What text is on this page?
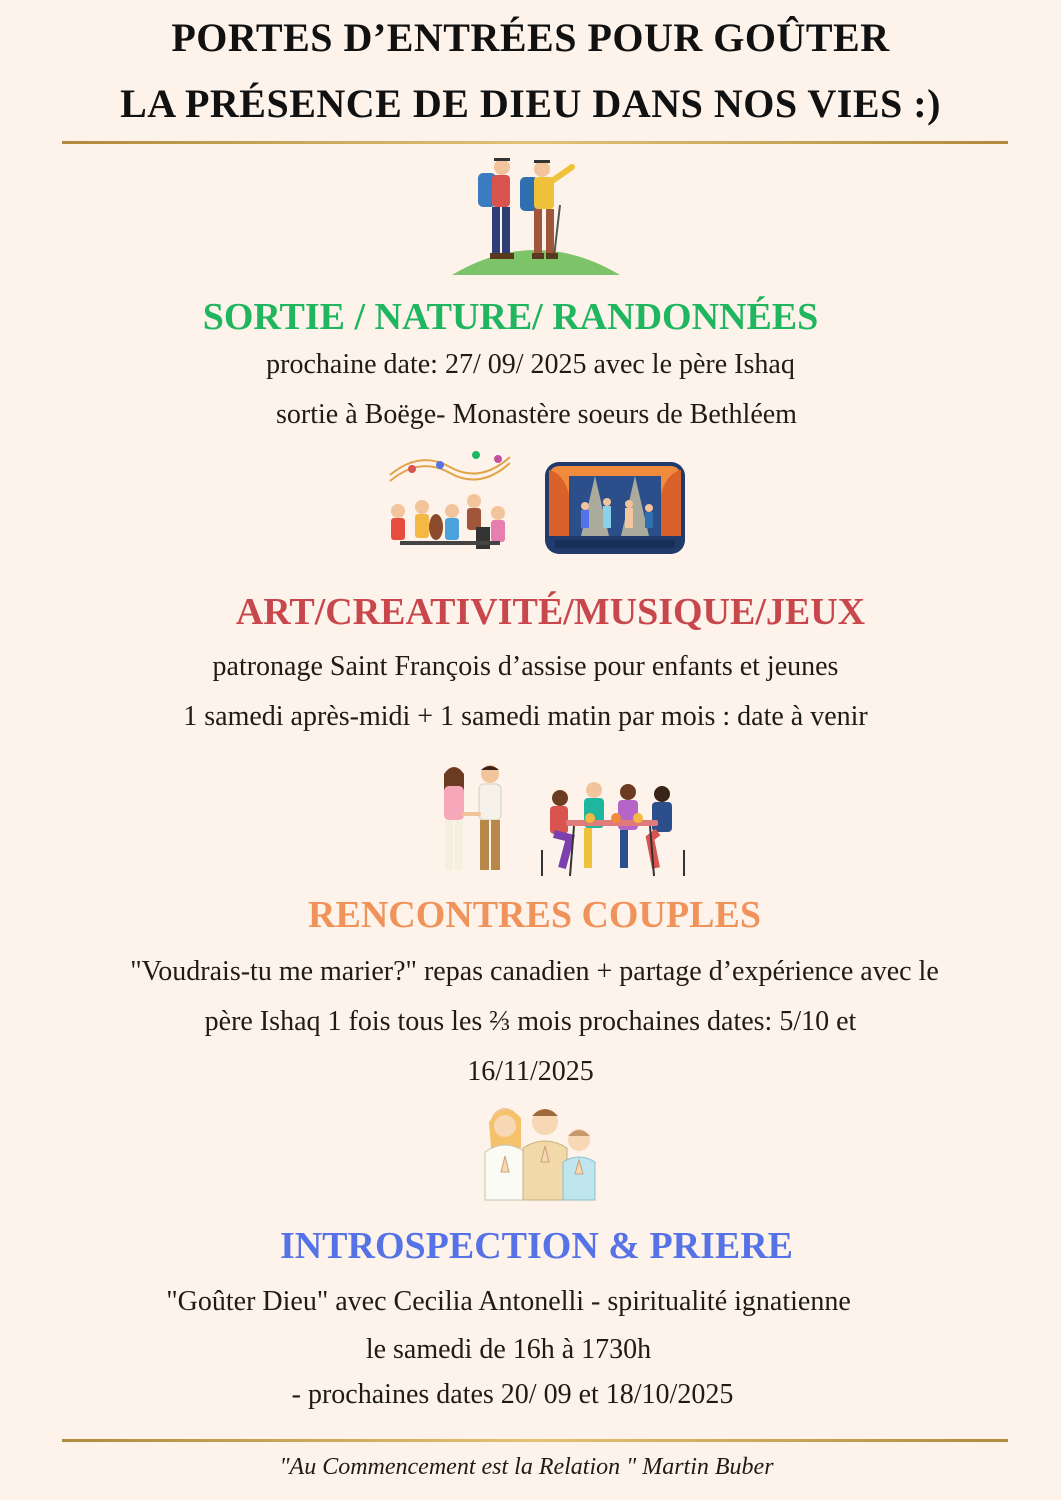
PORTES D’ENTRÉES POUR GOÛTER
LA PRÉSENCE DE DIEU DANS NOS VIES :)
SORTIE / NATURE/ RANDONNÉES
prochaine date: 27/ 09/ 2025 avec le père Ishaq
sortie à Boëge- Monastère soeurs de Bethléem
ART/CREATIVITÉ/MUSIQUE/JEUX
patronage Saint François d’assise pour enfants et jeunes
1 samedi après-midi + 1 samedi matin par mois : date à venir
RENCONTRES COUPLES
"Voudrais-tu me marier?" repas canadien + partage d’expérience avec le
père Ishaq 1 fois tous les ⅔ mois prochaines dates: 5/10 et
16/11/2025
INTROSPECTION & PRIERE
"Goûter Dieu" avec Cecilia Antonelli - spiritualité ignatienne
le samedi de 16h à 1730h
- prochaines dates 20/ 09 et 18/10/2025
"Au Commencement est la Relation " Martin Buber
